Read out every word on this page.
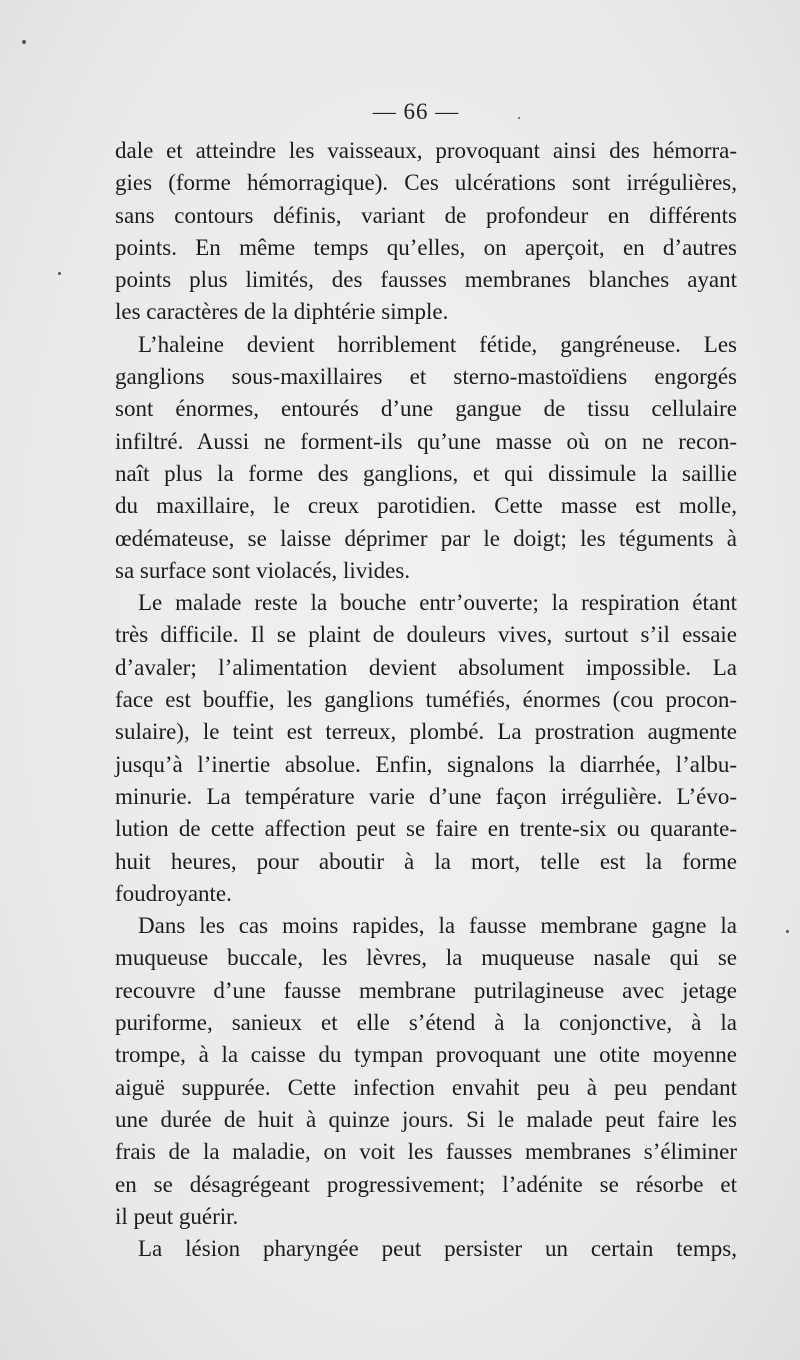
— 66 —

dale et atteindre les vaisseaux, provoquant ainsi des hémorra-
gies (forme hémorragique). Ces ulcérations sont irrégulières,
sans contours définis, variant de profondeur en différents
points. En même temps qu’elles, on aperçoit, en d’autres
points plus limités, des fausses membranes blanches ayant
les caractères de la diphtérie simple.

L’haleine devient horriblement fétide, gangréneuse. Les
ganglions sous-maxillaires et sterno-mastoïdiens engorgés
sont énormes, entourés d’une gangue de tissu cellulaire
infiltré. Aussi ne forment-ils qu’une masse où on ne recon-
naît plus la forme des ganglions, et qui dissimule la saillie
du maxillaire, le creux parotidien. Cette masse est molle,
œdémateuse, se laisse déprimer par le doigt; les téguments à
sa surface sont violacés, livides.

Le malade reste la bouche entr’ouverte; la respiration étant
très difficile. Il se plaint de douleurs vives, surtout s’il essaie
d’avaler; l’alimentation devient absolument impossible. La
face est bouffie, les ganglions tuméfiés, énormes (cou procon-
sulaire), le teint est terreux, plombé. La prostration augmente
jusqu’à l’inertie absolue. Enfin, signalons la diarrhée, l’albu-
minurie. La température varie d’une façon irrégulière. L’évo-
lution de cette affection peut se faire en trente-six ou quarante-
huit heures, pour aboutir à la mort, telle est la forme
foudroyante.

Dans les cas moins rapides, la fausse membrane gagne la
muqueuse buccale, les lèvres, la muqueuse nasale qui se
recouvre d’une fausse membrane putrilagineuse avec jetage
puriforme, sanieux et elle s’étend à la conjonctive, à la
trompe, à la caisse du tympan provoquant une otite moyenne
aiguë suppurée. Cette infection envahit peu à peu pendant
une durée de huit à quinze jours. Si le malade peut faire les
frais de la maladie, on voit les fausses membranes s’éliminer
en se désagrégeant progressivement; l’adénite se résorbe et
il peut guérir.

La lésion pharyngée peut persister un certain temps,
